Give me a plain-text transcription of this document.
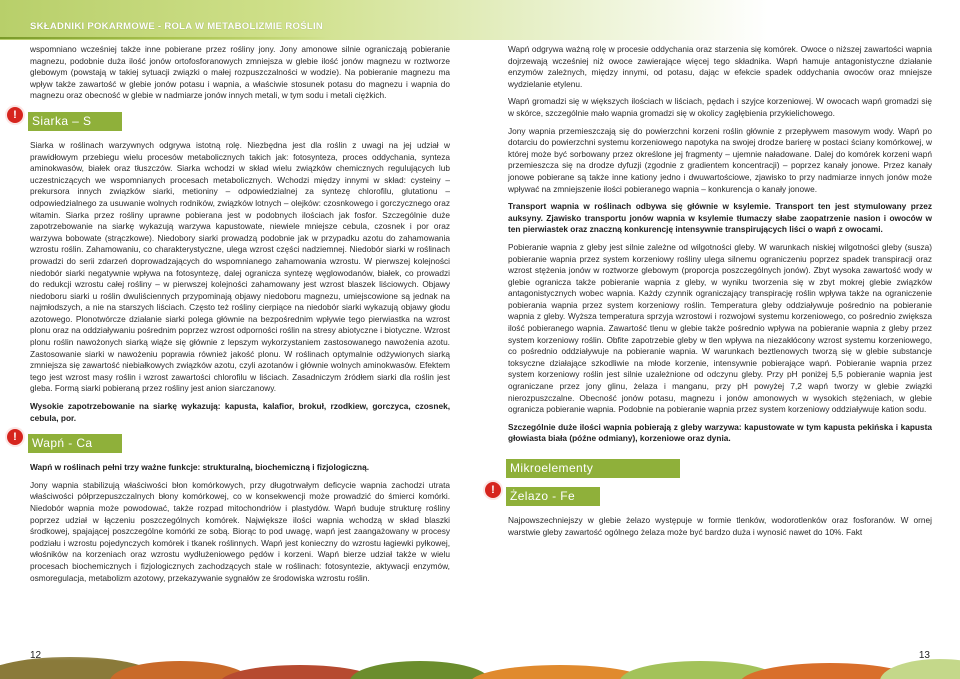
SKŁADNIKI POKARMOWE - ROLA W METABOLIZMIE ROŚLIN

wspomniano wcześniej także inne pobierane przez rośliny jony. Jony amonowe silnie ograniczają pobieranie magnezu, podobnie duża ilość jonów ortofosforanowych zmniejsza w glebie ilość jonów magnezu w roztworze glebowym (powstają w takiej sytuacji związki o małej rozpuszczalności w wodzie). Na pobieranie magnezu ma wpływ także zawartość w glebie jonów potasu i wapnia, a właściwie stosunek potasu do magnezu i wapnia do magnezu oraz obecność w glebie w nadmiarze jonów innych metali, w tym sodu i metali ciężkich.

!	Siarka – S

Siarka w roślinach warzywnych odgrywa istotną rolę. Niezbędna jest dla roślin z uwagi na jej udział w prawidłowym przebiegu wielu procesów metabolicznych takich jak: fotosynteza, proces oddychania, synteza aminokwasów, białek oraz tłuszczów. Siarka wchodzi w skład wielu związków chemicznych regulujących lub uczestniczących we wspomnianych procesach metabolicznych. Wchodzi między innymi w skład: cysteiny – prekursora innych związków siarki, metioniny – odpowiedzialnej za syntezę chlorofilu, glutationu – odpowiedzialnego za usuwanie wolnych rodników, związków lotnych – olejków: czosnkowego i gorczycznego oraz witamin. Siarka przez rośliny uprawne pobierana jest w podobnych ilościach jak fosfor. Szczególnie duże zapotrzebowanie na siarkę wykazują warzywa kapustowate, niewiele mniejsze cebula, czosnek i por oraz warzywa bobowate (strączkowe). Niedobory siarki prowadzą podobnie jak w przypadku azotu do zahamowania wzrostu roślin. Zahamowaniu, co charakterystyczne, ulega wzrost części nadziemnej. Niedobór siarki w roślinach prowadzi do serii zdarzeń doprowadzających do wspomnianego zahamowania wzrostu. W pierwszej kolejności niedobór siarki negatywnie wpływa na fotosyntezę, dalej ogranicza syntezę węglowodanów, białek, co prowadzi do redukcji wzrostu całej rośliny – w pierwszej kolejności zahamowany jest wzrost blaszek liściowych. Objawy niedoboru siarki u roślin dwuliściennych przypominają objawy niedoboru magnezu, umiejscowione są jednak na najmłodszych, a nie na starszych liściach. Często też rośliny cierpiące na niedobór siarki wykazują objawy głodu azotowego. Plonotwórcze działanie siarki polega głównie na bezpośrednim wpływie tego pierwiastka na wzrost plonu oraz na oddziaływaniu pośrednim poprzez wzrost odporności roślin na stresy abiotyczne i biotyczne. Wzrost plonu roślin nawożonych siarką wiąże się głównie z lepszym wykorzystaniem zastosowanego nawożenia azotu. Zastosowanie siarki w nawożeniu poprawia również jakość plonu. W roślinach optymalnie odżywionych siarką zmniejsza się zawartość niebiałkowych związków azotu, czyli azotanów i głównie wolnych aminokwasów. Efektem tego jest wzrost masy roślin i wzrost zawartości chlorofilu w liściach. Zasadniczym źródłem siarki dla roślin jest gleba. Formą siarki pobieraną przez rośliny jest anion siarczanowy.

Wysokie zapotrzebowanie na siarkę wykazują: kapusta, kalafior, brokuł, rzodkiew, gorczyca, czosnek, cebula, por.

!	Wapń - Ca

Wapń w roślinach pełni trzy ważne funkcje: strukturalną, biochemiczną i fizjologiczną.

Jony wapnia stabilizują właściwości błon komórkowych, przy długotrwałym deficycie wapnia zachodzi utrata właściwości półprzepuszczalnych błony komórkowej, co w konsekwencji może prowadzić do śmierci komórki. Niedobór wapnia może powodować, także rozpad mitochondriów i plastydów. Wapń buduje strukturę rośliny poprzez udział w łączeniu poszczególnych komórek. Największe ilości wapnia wchodzą w skład blaszki środkowej, spajającej poszczególne komórki ze sobą. Biorąc to pod uwagę, wapń jest zaangażowany w procesy podziału i wzrostu pojedynczych komórek i tkanek roślinnych. Wapń jest konieczny do wzrostu łagiewki pyłkowej, włośników na korzeniach oraz wzrostu wydłużeniowego pędów i korzeni. Wapń bierze udział także w wielu procesach biochemicznych i fizjologicznych zachodzących stale w roślinach: fotosyntezie, aktywacji enzymów, osmoregulacja, metabolizm azotowy, przekazywanie sygnałów ze środowiska wzrostu roślin.

Wapń odgrywa ważną rolę w procesie oddychania oraz starzenia się komórek. Owoce o niższej zawartości wapnia dojrzewają wcześniej niż owoce zawierające więcej tego składnika. Wapń hamuje antagonistyczne działanie enzymów zależnych, między innymi, od potasu, dając w efekcie spadek oddychania owoców oraz mniejsze wydzielanie etylenu.

Wapń gromadzi się w większych ilościach w liściach, pędach i szyjce korzeniowej. W owocach wapń gromadzi się w skórce, szczególnie mało wapnia gromadzi się w okolicy zagłębienia przykielichowego.

Jony wapnia przemieszczają się do powierzchni korzeni roślin głównie z przepływem masowym wody. Wapń po dotarciu do powierzchni systemu korzeniowego napotyka na swojej drodze barierę w postaci ściany komórkowej, w której może być sorbowany przez określone jej fragmenty – ujemnie naładowane. Dalej do komórek korzeni wapń przemieszcza się na drodze dyfuzji (zgodnie z gradientem koncentracji) – poprzez kanały jonowe. Przez kanały jonowe pobierane są także inne kationy jedno i dwuwartościowe, zjawisko to przy nadmiarze innych jonów może wpływać na zmniejszenie ilości pobieranego wapnia – konkurencja o kanały jonowe.

Transport wapnia w roślinach odbywa się głównie w ksylemie. Transport ten jest stymulowany przez auksyny. Zjawisko transportu jonów wapnia w ksylemie tłumaczy słabe zaopatrzenie nasion i owoców w ten pierwiastek oraz znaczną konkurencję intensywnie transpirujących liści o wapń z owocami.

Pobieranie wapnia z gleby jest silnie zależne od wilgotności gleby. W warunkach niskiej wilgotności gleby (susza) pobieranie wapnia przez system korzeniowy rośliny ulega silnemu ograniczeniu poprzez spadek transpiracji oraz wzrost stężenia jonów w roztworze glebowym (proporcja poszczególnych jonów). Zbyt wysoka zawartość wody w glebie ogranicza także pobieranie wapnia z gleby, w wyniku tworzenia się w zbyt mokrej glebie związków antagonistycznych wobec wapnia. Każdy czynnik ograniczający transpirację roślin wpływa także na ograniczenie pobierania wapnia przez system korzeniowy roślin. Temperatura gleby oddziaływuje pośrednio na pobieranie wapnia z gleby. Wyższa temperatura sprzyja wzrostowi i rozwojowi systemu korzeniowego, co pośrednio zwiększa ilość pobieranego wapnia. Zawartość tlenu w glebie także pośrednio wpływa na pobieranie wapnia z gleby przez system korzeniowy roślin. Obfite zapotrzebie gleby w tlen wpływa na niezakłócony wzrost systemu korzeniowego, co pośrednio oddziaływuje na pobieranie wapnia. W warunkach beztlenowych tworzą się w glebie substancje toksyczne działające szkodliwie na młode korzenie, intensywnie pobierające wapń. Pobieranie wapnia przez system korzeniowy roślin jest silnie uzależnione od odczynu gleby. Przy pH poniżej 5,5 pobieranie wapnia jest ograniczane przez jony glinu, żelaza i manganu, przy pH powyżej 7,2 wapń tworzy w glebie związki nierozpuszczalne. Obecność jonów potasu, magnezu i jonów amonowych w wysokich stężeniach, w glebie ogranicza pobieranie wapnia. Podobnie na pobieranie wapnia przez system korzeniowy oddziaływuje kation sodu.

Szczególnie duże ilości wapnia pobierają z gleby warzywa: kapustowate w tym kapusta pekińska i kapusta głowiasta biała (późne odmiany), korzeniowe oraz dynia.

Mikroelementy
!	Żelazo - Fe

Najpowszechniejszy w glebie żelazo występuje w formie tlenków, wodorotlenków oraz fosforanów. W ornej warstwie gleby zawartość ogólnego żelaza może być bardzo duża i wynosić nawet do 10%. Fakt

12	13
